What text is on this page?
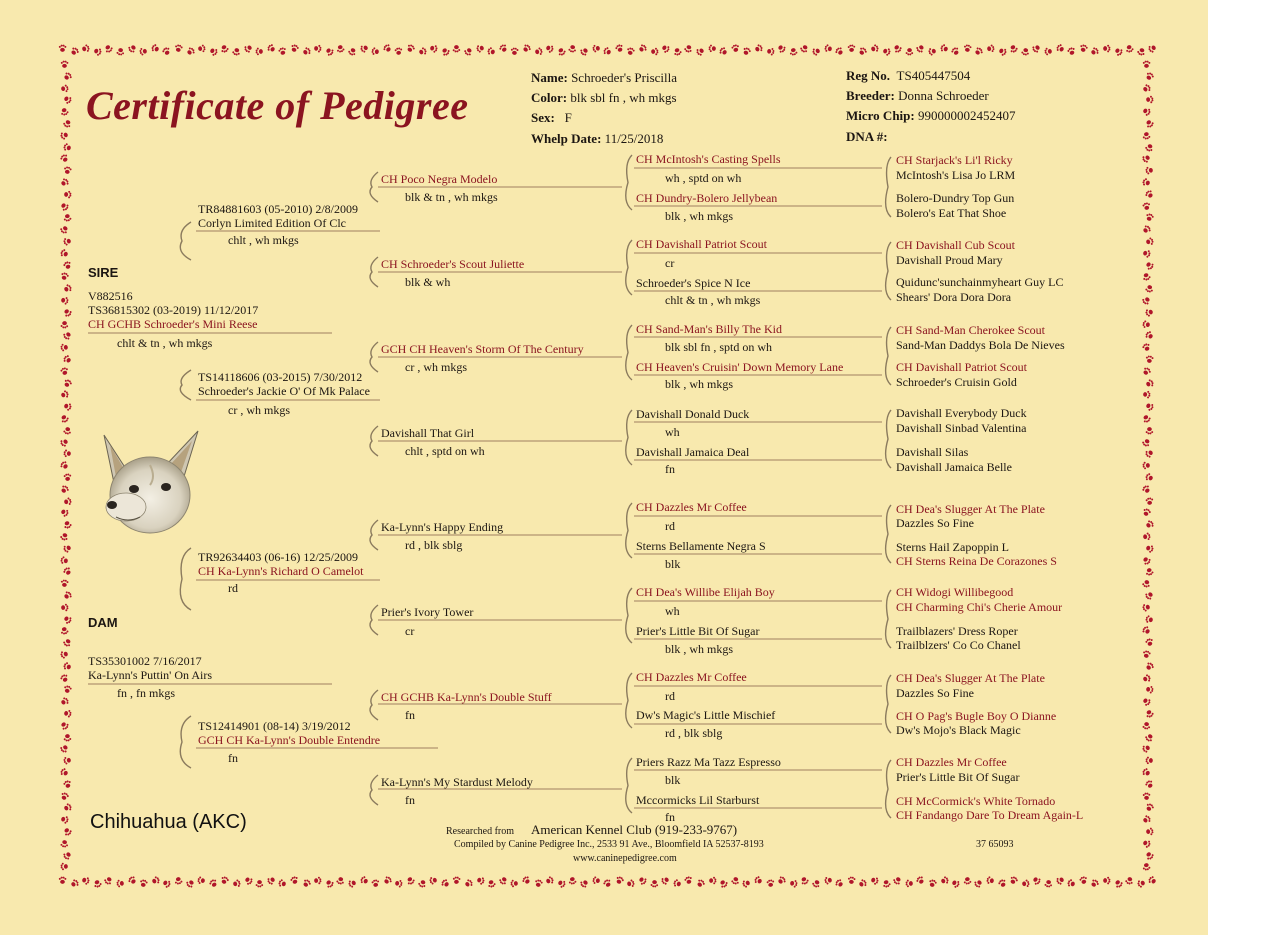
Certificate of Pedigree
Name: Schroeder's Priscilla
Color: blk sbl fn , wh mkgs
Sex: F
Whelp Date: 11/25/2018
Reg No. TS405447504
Breeder: Donna Schroeder
Micro Chip: 990000002452407
DNA #:
SIRE
V882516
TS36815302 (03-2019) 11/12/2017
CH GCHB Schroeder's Mini Reese
chlt & tn , wh mkgs
DAM
TS35301002 7/16/2017
Ka-Lynn's Puttin' On Airs
fn , fn mkgs
TR84881603 (05-2010) 2/8/2009
Corlyn Limited Edition Of Clc
chlt , wh mkgs
TS14118606 (03-2015) 7/30/2012
Schroeder's Jackie O' Of Mk Palace
cr , wh mkgs
TR92634403 (06-16) 12/25/2009
CH Ka-Lynn's Richard O Camelot
rd
TS12414901 (08-14) 3/19/2012
GCH CH Ka-Lynn's Double Entendre
fn
CH Poco Negra Modelo
blk & tn , wh mkgs
CH Schroeder's Scout Juliette
blk & wh
GCH CH Heaven's Storm Of The Century
cr , wh mkgs
Davishall That Girl
chlt , sptd on wh
Ka-Lynn's Happy Ending
rd , blk sblg
Prier's Ivory Tower
cr
CH GCHB Ka-Lynn's Double Stuff
fn
Ka-Lynn's My Stardust Melody
fn
CH McIntosh's Casting Spells
wh , sptd on wh
CH Dundry-Bolero Jellybean
blk , wh mkgs
CH Davishall Patriot Scout
cr
Schroeder's Spice N Ice
chlt & tn , wh mkgs
CH Sand-Man's Billy The Kid
blk sbl fn , sptd on wh
CH Heaven's Cruisin' Down Memory Lane
blk , wh mkgs
Davishall Donald Duck
wh
Davishall Jamaica Deal
fn
CH Dazzles Mr Coffee
rd
Sterns Bellamente Negra S
blk
CH Dea's Willibe Elijah Boy
wh
Prier's Little Bit Of Sugar
blk , wh mkgs
CH Dazzles Mr Coffee
rd
Dw's Magic's Little Mischief
rd , blk sblg
Priers Razz Ma Tazz Espresso
blk
Mccormicks Lil Starburst
fn
CH Starjack's Li'l Ricky
McIntosh's Lisa Jo LRM
Bolero-Dundry Top Gun
Bolero's Eat That Shoe
CH Davishall Cub Scout
Davishall Proud Mary
Quidunc'sunchainmyheart Guy LC
Shears' Dora Dora Dora
CH Sand-Man Cherokee Scout
Sand-Man Daddys Bola De Nieves
CH Davishall Patriot Scout
Schroeder's Cruisin Gold
Davishall Everybody Duck
Davishall Sinbad Valentina
Davishall Silas
Davishall Jamaica Belle
CH Dea's Slugger At The Plate
Dazzles So Fine
Sterns Hail Zapoppin L
CH Sterns Reina De Corazones S
CH Widogi Willibegood
CH Charming Chi's Cherie Amour
Trailblazers' Dress Roper
Trailblzers' Co Co Chanel
CH Dea's Slugger At The Plate
Dazzles So Fine
CH O Pag's Bugle Boy O Dianne
Dw's Mojo's Black Magic
CH Dazzles Mr Coffee
Prier's Little Bit Of Sugar
CH McCormick's White Tornado
CH Fandango Dare To Dream Again-L
Chihuahua (AKC)	Researched from American Kennel Club (919-233-9767)
Compiled by Canine Pedigree Inc., 2533 91 Ave., Bloomfield IA 52537-8193
www.caninepedigree.com
37 65093
